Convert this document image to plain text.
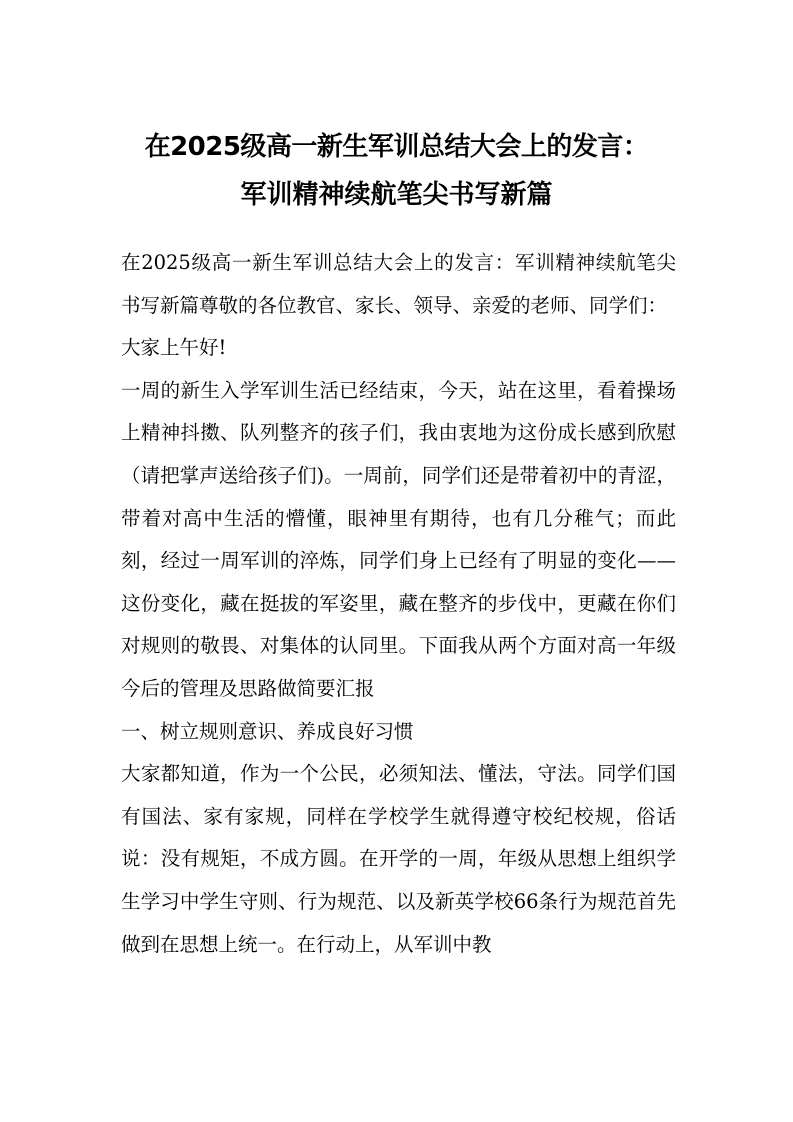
在2025级高一新生军训总结大会上的发言：
军训精神续航笔尖书写新篇

在2025级高一新生军训总结大会上的发言：军训精神续航笔尖书写新篇尊敬的各位教官、家长、领导、亲爱的老师、同学们：

大家上午好!

一周的新生入学军训生活已经结束，今天，站在这里，看着操场上精神抖擞、队列整齐的孩子们，我由衷地为这份成长感到欣慰（请把掌声送给孩子们)。一周前，同学们还是带着初中的青涩，带着对高中生活的懵懂，眼神里有期待，也有几分稚气；而此刻，经过一周军训的淬炼，同学们身上已经有了明显的变化——这份变化，藏在挺拔的军姿里，藏在整齐的步伐中，更藏在你们对规则的敬畏、对集体的认同里。下面我从两个方面对高一年级今后的管理及思路做简要汇报

一、树立规则意识、养成良好习惯

大家都知道，作为一个公民，必须知法、懂法，守法。同学们国有国法、家有家规，同样在学校学生就得遵守校纪校规，俗话说：没有规矩，不成方圆。在开学的一周，年级从思想上组织学生学习中学生守则、行为规范、以及新英学校66条行为规范首先做到在思想上统一。在行动上，从军训中教
